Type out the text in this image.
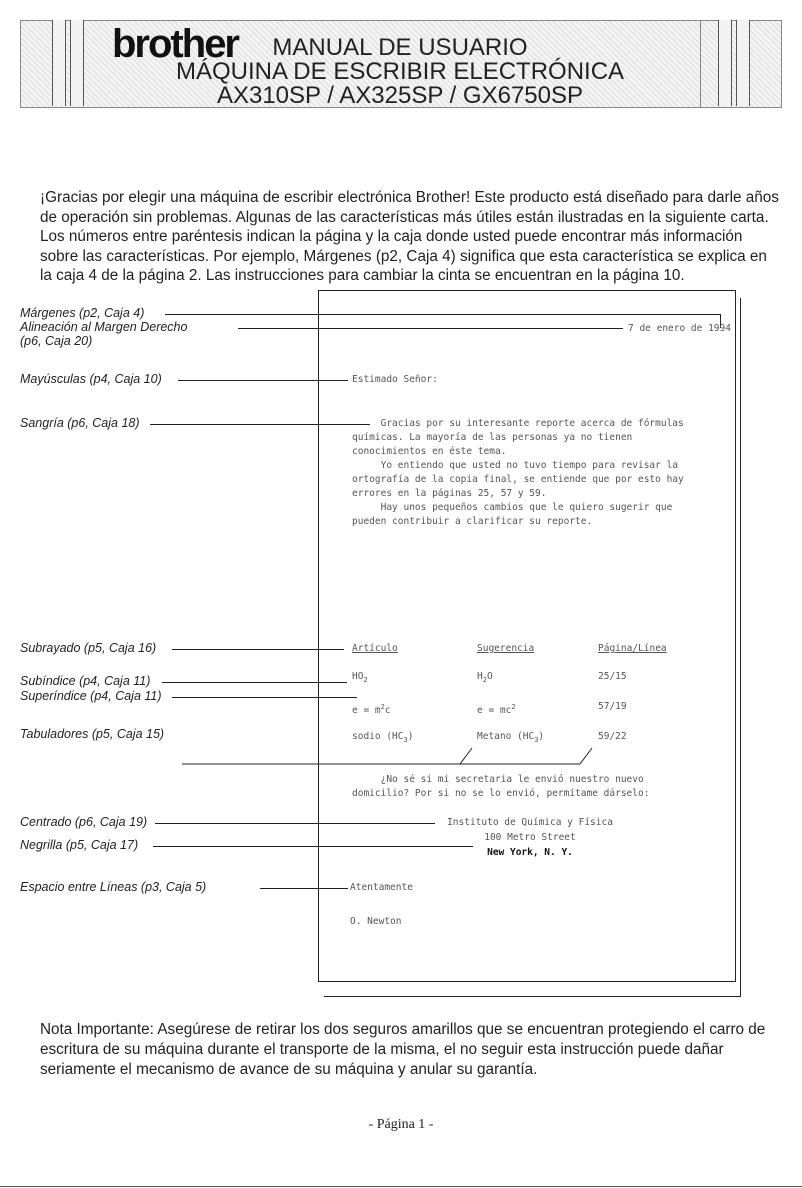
brother	MANUAL DE USUARIO
MÁQUINA DE ESCRIBIR ELECTRÓNICA
AX310SP / AX325SP / GX6750SP
¡Gracias por elegir una máquina de escribir electrónica Brother! Este producto está diseñado para darle años de operación sin problemas. Algunas de las características más útiles están ilustradas en la siguiente carta. Los números entre paréntesis indican la página y la caja donde usted puede encontrar más información sobre las características. Por ejemplo, Márgenes (p2, Caja 4) significa que esta característica se explica en la caja 4 de la página 2. Las instrucciones para cambiar la cinta se encuentran en la página 10.
Márgenes (p2, Caja 4)
Alineación al Margen Derecho
(p6, Caja 20)
7 de enero de 1994
Mayúsculas (p4, Caja 10)	Estimado Señor:
Sangría (p6, Caja 18)	Gracias por su interesante reporte acerca de fórmulas
químicas. La mayoría de las personas ya no tienen
conocimientos en éste tema.
Yo entiendo que usted no tuvo tiempo para revisar la
ortografía de la copia final, se entiende que por esto hay
errores en la páginas 25, 57 y 59.
Hay unos pequeños cambios que le quiero sugerir que
pueden contribuir a clarificar su reporte.
Subrayado (p5, Caja 16)	Artículo	Sugerencia	Página/Línea
Subíndice (p4, Caja 11)	$HO_2$	$H_2O$	25/15
Superíndice (p4, Caja 11)
$e = m^2c$	$e = mc^2$	57/19
sodio $(HC_3)$	Metano $(HC_3)$	59/22
Tabuladores (p5, Caja 15)
¿No sé si mi secretaria le envió nuestro nuevo
domicilio? Por si no se lo envió, permítame dárselo:
Centrado (p6, Caja 19)
Negrilla (p5, Caja 17)
Instituto de Química y Física
100 Metro Street
New York, N. Y.
Espacio entre Líneas (p3, Caja 5)	Atentamente
O. Newton
Nota Importante: Asegúrese de retirar los dos seguros amarillos que se encuentran protegiendo el carro de escritura de su máquina durante el transporte de la misma, el no seguir esta instrucción puede dañar seriamente el mecanismo de avance de su máquina y anular su garantía.
- Página 1 -
